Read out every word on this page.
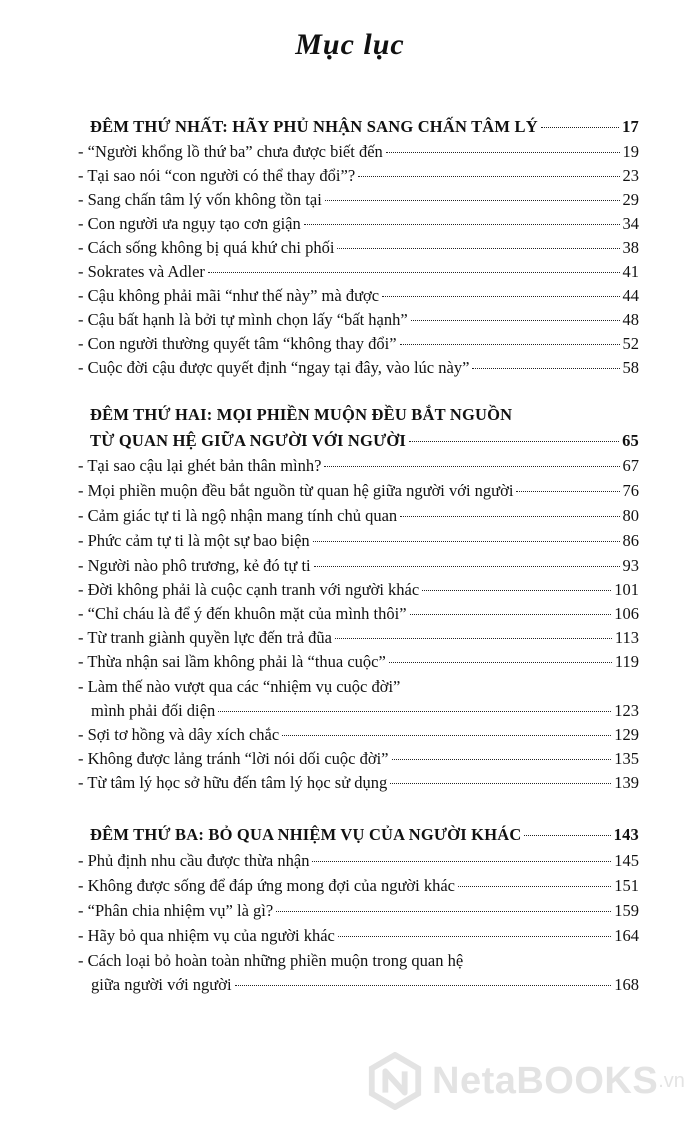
Mục lục
ĐÊM THỨ NHẤT: HÃY PHỦ NHẬN SANG CHẤN TÂM LÝ	17
- “Người khổng lồ thứ ba” chưa được biết đến	19
- Tại sao nói “con người có thể thay đổi”?	23
- Sang chấn tâm lý vốn không tồn tại	29
- Con người ưa ngụy tạo cơn giận	34
- Cách sống không bị quá khứ chi phối	38
- Sokrates và Adler	41
- Cậu không phải mãi “như thế này” mà được	44
- Cậu bất hạnh là bởi tự mình chọn lấy “bất hạnh”	48
- Con người thường quyết tâm “không thay đổi”	52
- Cuộc đời cậu được quyết định “ngay tại đây, vào lúc này”	58
ĐÊM THỨ HAI: MỌI PHIỀN MUỘN ĐỀU BẮT NGUỒN
TỪ QUAN HỆ GIỮA NGƯỜI VỚI NGƯỜI	65
- Tại sao cậu lại ghét bản thân mình?	67
- Mọi phiền muộn đều bắt nguồn từ quan hệ giữa người với người	76
- Cảm giác tự ti là ngộ nhận mang tính chủ quan	80
- Phức cảm tự ti là một sự bao biện	86
- Người nào phô trương, kẻ đó tự ti	93
- Đời không phải là cuộc cạnh tranh với người khác	101
- “Chỉ cháu là để ý đến khuôn mặt của mình thôi”	106
- Từ tranh giành quyền lực đến trả đũa	113
- Thừa nhận sai lầm không phải là “thua cuộc”	119
- Làm thế nào vượt qua các “nhiệm vụ cuộc đời”
mình phải đối diện	123
- Sợi tơ hồng và dây xích chắc	129
- Không được lảng tránh “lời nói dối cuộc đời”	135
- Từ tâm lý học sở hữu đến tâm lý học sử dụng	139
ĐÊM THỨ BA: BỎ QUA NHIỆM VỤ CỦA NGƯỜI KHÁC	143
- Phủ định nhu cầu được thừa nhận	145
- Không được sống để đáp ứng mong đợi của người khác	151
- “Phân chia nhiệm vụ” là gì?	159
- Hãy bỏ qua nhiệm vụ của người khác	164
- Cách loại bỏ hoàn toàn những phiền muộn trong quan hệ
giữa người với người	168
NetaBOOKS .vn
